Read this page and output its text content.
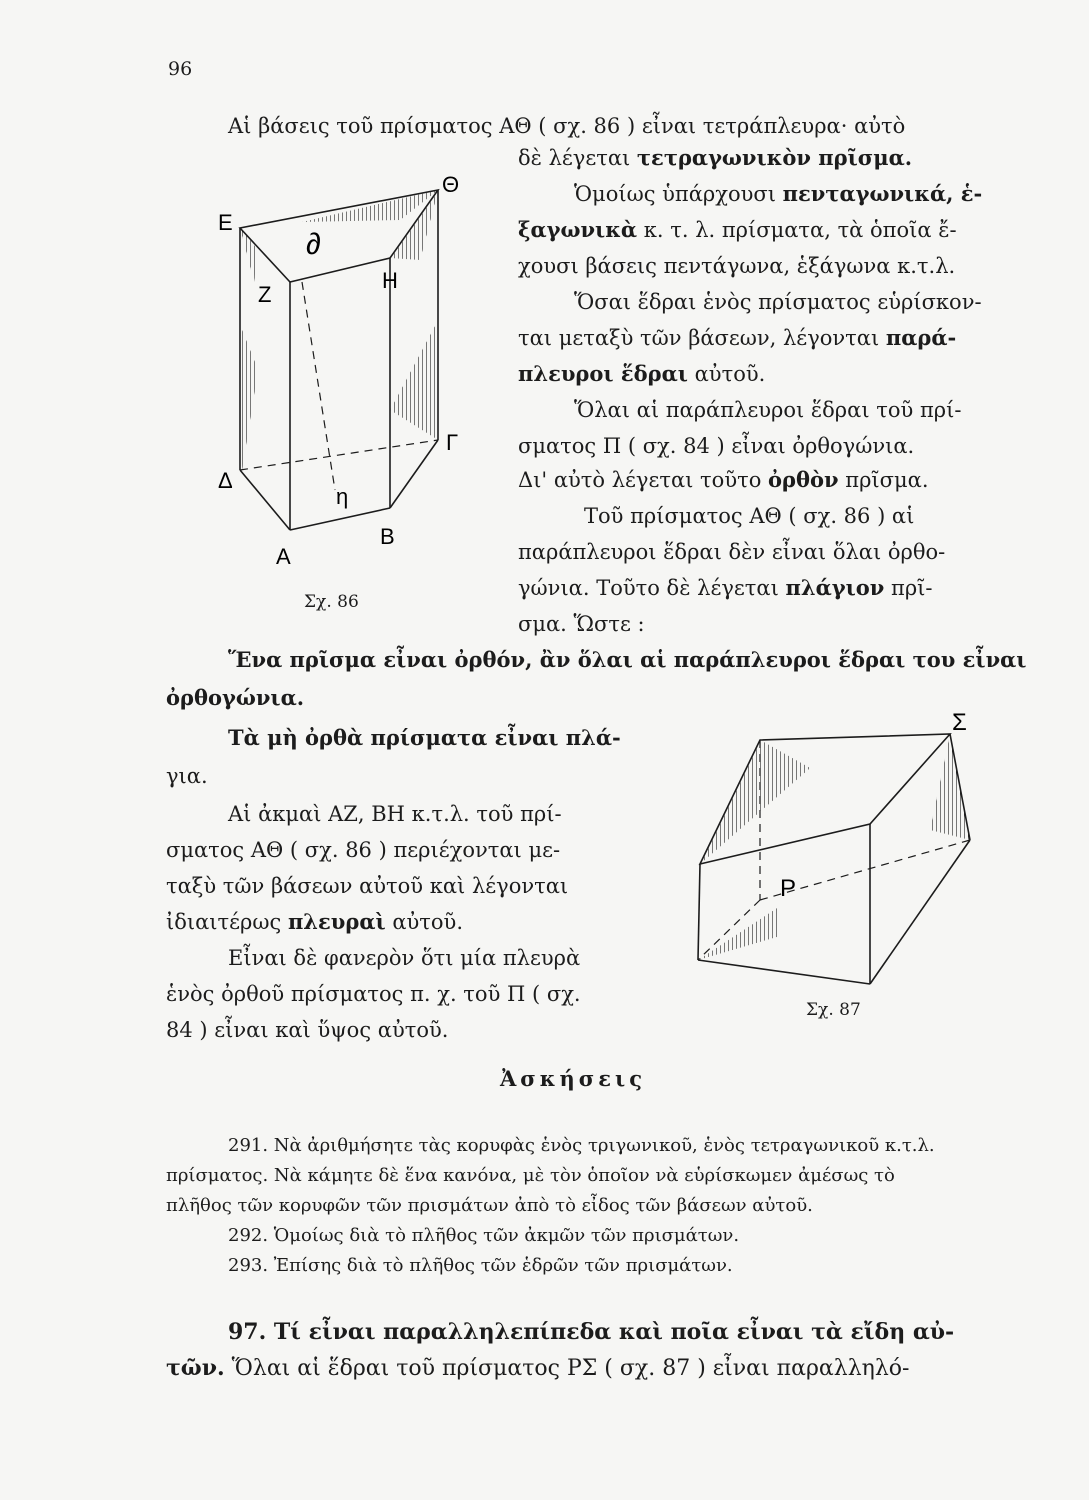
96
Αἱ βάσεις τοῦ πρίσματος ΑΘ ( σχ. 86 ) εἶναι τετράπλευρα· αὐτὸ
δὲ λέγεται τετραγωνικὸν πρῖσμα.
Ὁμοίως ὑπάρχουσι πενταγωνικά, ἑ-
ξαγωνικὰ κ. τ. λ. πρίσματα, τὰ ὁποῖα ἔ-
χουσι βάσεις πεντάγωνα, ἑξάγωνα κ.τ.λ.
Ὅσαι ἕδραι ἑνὸς πρίσματος εὑρίσκον-
ται μεταξὺ τῶν βάσεων, λέγονται παρά-
πλευροι ἕδραι αὐτοῦ.
Ὅλαι αἱ παράπλευροι ἕδραι τοῦ πρί-
σματος Π ( σχ. 84 ) εἶναι ὀρθογώνια.
Δι' αὐτὸ λέγεται τοῦτο ὀρθὸν πρῖσμα.
Τοῦ πρίσματος ΑΘ ( σχ. 86 ) αἱ
παράπλευροι ἕδραι δὲν εἶναι ὅλαι ὀρθο-
γώνια. Τοῦτο δὲ λέγεται πλάγιον πρῖ-
σμα. Ὥστε :
Ε
Θ
∂
Ζ
Η
Γ
Δ
η
Β
Α
Σχ. 86
Ἕνα πρῖσμα εἶναι ὀρθόν, ἂν ὅλαι αἱ παράπλευροι ἕδραι του εἶναι
ὀρθογώνια.
Τὰ μὴ ὀρθὰ πρίσματα εἶναι πλά-
για.
Αἱ ἀκμαὶ ΑΖ, ΒΗ κ.τ.λ. τοῦ πρί-
σματος ΑΘ ( σχ. 86 ) περιέχονται με-
ταξὺ τῶν βάσεων αὐτοῦ καὶ λέγονται
ἰδιαιτέρως πλευραὶ αὐτοῦ.
Εἶναι δὲ φανερὸν ὅτι μία πλευρὰ
ἑνὸς ὀρθοῦ πρίσματος π. χ. τοῦ Π ( σχ.
84 ) εἶναι καὶ ὕψος αὐτοῦ.
Σ
Ρ
Σχ. 87
Ἀσκήσεις
291. Νὰ ἀριθμήσητε τὰς κορυφὰς ἑνὸς τριγωνικοῦ, ἑνὸς τετραγωνικοῦ κ.τ.λ.
πρίσματος. Νὰ κάμητε δὲ ἕνα κανόνα, μὲ τὸν ὁποῖον νὰ εὑρίσκωμεν ἀμέσως τὸ
πλῆθος τῶν κορυφῶν τῶν πρισμάτων ἀπὸ τὸ εἶδος τῶν βάσεων αὐτοῦ.
292. Ὁμοίως διὰ τὸ πλῆθος τῶν ἀκμῶν τῶν πρισμάτων.
293. Ἐπίσης διὰ τὸ πλῆθος τῶν ἑδρῶν τῶν πρισμάτων.
97. Τί εἶναι παραλληλεπίπεδα καὶ ποῖα εἶναι τὰ εἴδη αὐ-
τῶν. Ὅλαι αἱ ἕδραι τοῦ πρίσματος ΡΣ ( σχ. 87 ) εἶναι παραλληλό-
